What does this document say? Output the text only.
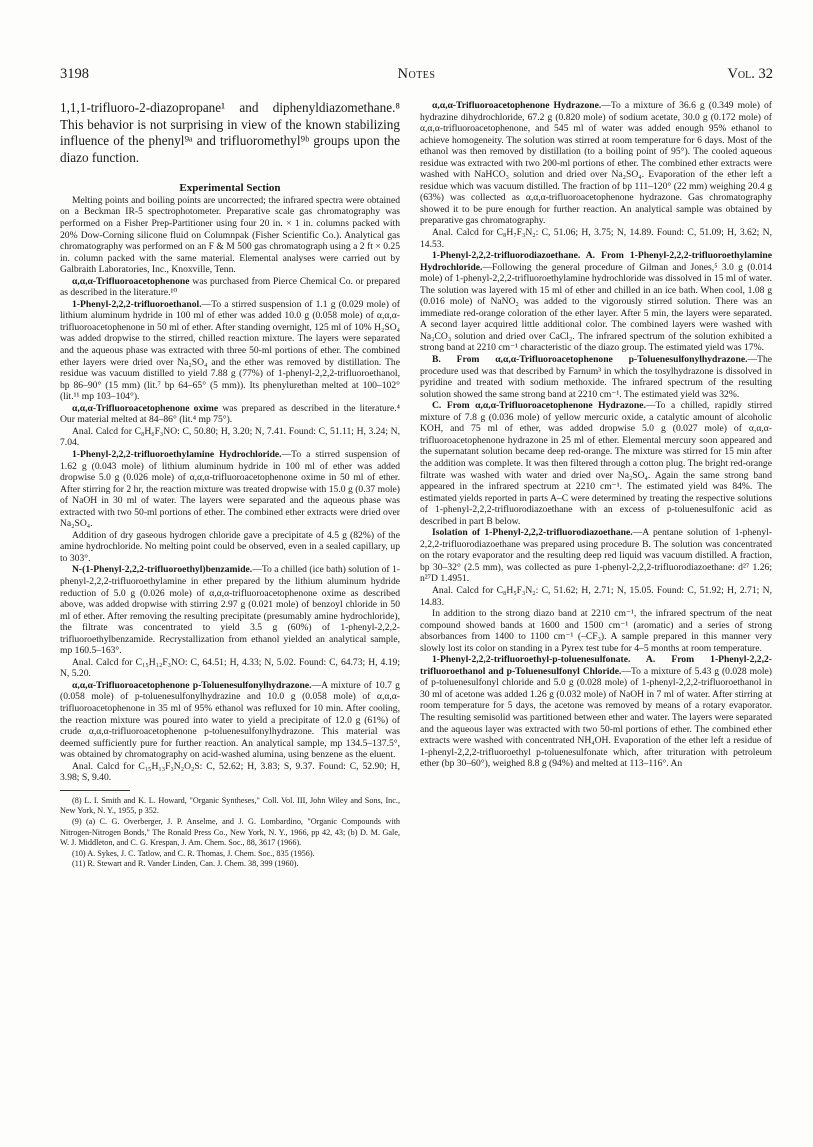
3198	Notes	Vol. 32

1,1,1-trifluoro-2-diazopropane¹ and diphenyldiazomethane.⁸ This behavior is not surprising in view of the known stabilizing influence of the phenyl⁹ᵃ and trifluoromethyl⁹ᵇ groups upon the diazo function.

Experimental Section

Melting points and boiling points are uncorrected; the infrared spectra were obtained on a Beckman IR-5 spectrophotometer. Preparative scale gas chromatography was performed on a Fisher Prep-Partitioner using four 20 in. × 1 in. columns packed with 20% Dow-Corning silicone fluid on Columnpak (Fisher Scientific Co.). Analytical gas chromatography was performed on an F & M 500 gas chromatograph using a 2 ft × 0.25 in. column packed with the same material. Elemental analyses were carried out by Galbraith Laboratories, Inc., Knoxville, Tenn.

α,α,α-Trifluoroacetophenone was purchased from Pierce Chemical Co. or prepared as described in the literature.¹⁰

1-Phenyl-2,2,2-trifluoroethanol.—To a stirred suspension of 1.1 g (0.029 mole) of lithium aluminum hydride in 100 ml of ether was added 10.0 g (0.058 mole) of α,α,α-trifluoroacetophenone in 50 ml of ether. After standing overnight, 125 ml of 10% H₂SO₄ was added dropwise to the stirred, chilled reaction mixture. The layers were separated and the aqueous phase was extracted with three 50-ml portions of ether. The combined ether layers were dried over Na₂SO₄ and the ether was removed by distillation. The residue was vacuum distilled to yield 7.88 g (77%) of 1-phenyl-2,2,2-trifluoroethanol, bp 86–90° (15 mm) (lit.⁷ bp 64–65° (5 mm)). Its phenylurethan melted at 100–102° (lit.¹¹ mp 103–104°).

α,α,α-Trifluoroacetophenone oxime was prepared as described in the literature.⁴ Our material melted at 84–86° (lit.⁴ mp 75°).

Anal. Calcd for C₈H₆F₃NO: C, 50.80; H, 3.20; N, 7.41. Found: C, 51.11; H, 3.24; N, 7.04.

1-Phenyl-2,2,2-trifluoroethylamine Hydrochloride.—To a stirred suspension of 1.62 g (0.043 mole) of lithium aluminum hydride in 100 ml of ether was added dropwise 5.0 g (0.026 mole) of α,α,α-trifluoroacetophenone oxime in 50 ml of ether. After stirring for 2 hr, the reaction mixture was treated dropwise with 15.0 g (0.37 mole) of NaOH in 30 ml of water. The layers were separated and the aqueous phase was extracted with two 50-ml portions of ether. The combined ether extracts were dried over Na₂SO₄.

Addition of dry gaseous hydrogen chloride gave a precipitate of 4.5 g (82%) of the amine hydrochloride. No melting point could be observed, even in a sealed capillary, up to 303°.

N-(1-Phenyl-2,2,2-trifluoroethyl)benzamide.—To a chilled (ice bath) solution of 1-phenyl-2,2,2-trifluoroethylamine in ether prepared by the lithium aluminum hydride reduction of 5.0 g (0.026 mole) of α,α,α-trifluoroacetophenone oxime as described above, was added dropwise with stirring 2.97 g (0.021 mole) of benzoyl chloride in 50 ml of ether. After removing the resulting precipitate (presumably amine hydrochloride), the filtrate was concentrated to yield 3.5 g (60%) of 1-phenyl-2,2,2-trifluoroethylbenzamide. Recrystallization from ethanol yielded an analytical sample, mp 160.5–163°.

Anal. Calcd for C₁₅H₁₂F₃NO: C, 64.51; H, 4.33; N, 5.02. Found: C, 64.73; H, 4.19; N, 5.20.

α,α,α-Trifluoroacetophenone p-Toluenesulfonylhydrazone.—A mixture of 10.7 g (0.058 mole) of p-toluenesulfonylhydrazine and 10.0 g (0.058 mole) of α,α,α-trifluoroacetophenone in 35 ml of 95% ethanol was refluxed for 10 min. After cooling, the reaction mixture was poured into water to yield a precipitate of 12.0 g (61%) of crude α,α,α-trifluoroacetophenone p-toluenesulfonylhydrazone. This material was deemed sufficiently pure for further reaction. An analytical sample, mp 134.5–137.5°, was obtained by chromatography on acid-washed alumina, using benzene as the eluent.

Anal. Calcd for C₁₅H₁₃F₃N₂O₂S: C, 52.62; H, 3.83; S, 9.37. Found: C, 52.90; H, 3.98; S, 9.40.

(8) L. I. Smith and K. L. Howard, "Organic Syntheses," Coll. Vol. III, John Wiley and Sons, Inc., New York, N. Y., 1955, p 352.

(9) (a) C. G. Overberger, J. P. Anselme, and J. G. Lombardino, "Organic Compounds with Nitrogen-Nitrogen Bonds," The Ronald Press Co., New York, N. Y., 1966, pp 42, 43; (b) D. M. Gale, W. J. Middleton, and C. G. Krespan, J. Am. Chem. Soc., 88, 3617 (1966).

(10) A. Sykes, J. C. Tatlow, and C. R. Thomas, J. Chem. Soc., 835 (1956).

(11) R. Stewart and R. Vander Linden, Can. J. Chem. 38, 399 (1960).

α,α,α-Trifluoroacetophenone Hydrazone.—To a mixture of 36.6 g (0.349 mole) of hydrazine dihydrochloride, 67.2 g (0.820 mole) of sodium acetate, 30.0 g (0.172 mole) of α,α,α-trifluoroacetophenone, and 545 ml of water was added enough 95% ethanol to achieve homogeneity. The solution was stirred at room temperature for 6 days. Most of the ethanol was then removed by distillation (to a boiling point of 95°). The cooled aqueous residue was extracted with two 200-ml portions of ether. The combined ether extracts were washed with NaHCO₃ solution and dried over Na₂SO₄. Evaporation of the ether left a residue which was vacuum distilled. The fraction of bp 111–120° (22 mm) weighing 20.4 g (63%) was collected as α,α,α-trifluoroacetophenone hydrazone. Gas chromatography showed it to be pure enough for further reaction. An analytical sample was obtained by preparative gas chromatography.

Anal. Calcd for C₈H₇F₃N₂: C, 51.06; H, 3.75; N, 14.89. Found: C, 51.09; H, 3.62; N, 14.53.

1-Phenyl-2,2,2-trifluorodiazoethane. A. From 1-Phenyl-2,2,2-trifluoroethylamine Hydrochloride.—Following the general procedure of Gilman and Jones,⁵ 3.0 g (0.014 mole) of 1-phenyl-2,2,2-trifluoroethylamine hydrochloride was dissolved in 15 ml of water. The solution was layered with 15 ml of ether and chilled in an ice bath. When cool, 1.08 g (0.016 mole) of NaNO₂ was added to the vigorously stirred solution. There was an immediate red-orange coloration of the ether layer. After 5 min, the layers were separated. A second layer acquired little additional color. The combined layers were washed with Na₂CO₃ solution and dried over CaCl₂. The infrared spectrum of the solution exhibited a strong band at 2210 cm⁻¹ characteristic of the diazo group. The estimated yield was 17%.

B. From α,α,α-Trifluoroacetophenone p-Toluenesulfonylhydrazone.—The procedure used was that described by Farnum³ in which the tosylhydrazone is dissolved in pyridine and treated with sodium methoxide. The infrared spectrum of the resulting solution showed the same strong band at 2210 cm⁻¹. The estimated yield was 32%.

C. From α,α,α-Trifluoroacetophenone Hydrazone.—To a chilled, rapidly stirred mixture of 7.8 g (0.036 mole) of yellow mercuric oxide, a catalytic amount of alcoholic KOH, and 75 ml of ether, was added dropwise 5.0 g (0.027 mole) of α,α,α-trifluoroacetophenone hydrazone in 25 ml of ether. Elemental mercury soon appeared and the supernatant solution became deep red-orange. The mixture was stirred for 15 min after the addition was complete. It was then filtered through a cotton plug. The bright red-orange filtrate was washed with water and dried over Na₂SO₄. Again the same strong band appeared in the infrared spectrum at 2210 cm⁻¹. The estimated yield was 84%. The estimated yields reported in parts A–C were determined by treating the respective solutions of 1-phenyl-2,2,2-trifluorodiazoethane with an excess of p-toluenesulfonic acid as described in part B below.

Isolation of 1-Phenyl-2,2,2-trifluorodiazoethane.—A pentane solution of 1-phenyl-2,2,2-trifluorodiazoethane was prepared using procedure B. The solution was concentrated on the rotary evaporator and the resulting deep red liquid was vacuum distilled. A fraction, bp 30–32° (2.5 mm), was collected as pure 1-phenyl-2,2,2-trifluorodiazoethane: d²⁷ 1.26; n²⁷D 1.4951.

Anal. Calcd for C₈H₅F₃N₂: C, 51.62; H, 2.71; N, 15.05. Found: C, 51.92; H, 2.71; N, 14.83.

In addition to the strong diazo band at 2210 cm⁻¹, the infrared spectrum of the neat compound showed bands at 1600 and 1500 cm⁻¹ (aromatic) and a series of strong absorbances from 1400 to 1100 cm⁻¹ (–CF₃). A sample prepared in this manner very slowly lost its color on standing in a Pyrex test tube for 4–5 months at room temperature.

1-Phenyl-2,2,2-trifluoroethyl-p-toluenesulfonate. A. From 1-Phenyl-2,2,2-trifluoroethanol and p-Toluenesulfonyl Chloride.—To a mixture of 5.43 g (0.028 mole) of p-toluenesulfonyl chloride and 5.0 g (0.028 mole) of 1-phenyl-2,2,2-trifluoroethanol in 30 ml of acetone was added 1.26 g (0.032 mole) of NaOH in 7 ml of water. After stirring at room temperature for 5 days, the acetone was removed by means of a rotary evaporator. The resulting semisolid was partitioned between ether and water. The layers were separated and the aqueous layer was extracted with two 50-ml portions of ether. The combined ether extracts were washed with concentrated NH₄OH. Evaporation of the ether left a residue of 1-phenyl-2,2,2-trifluoroethyl p-toluenesulfonate which, after trituration with petroleum ether (bp 30–60°), weighed 8.8 g (94%) and melted at 113–116°. An
